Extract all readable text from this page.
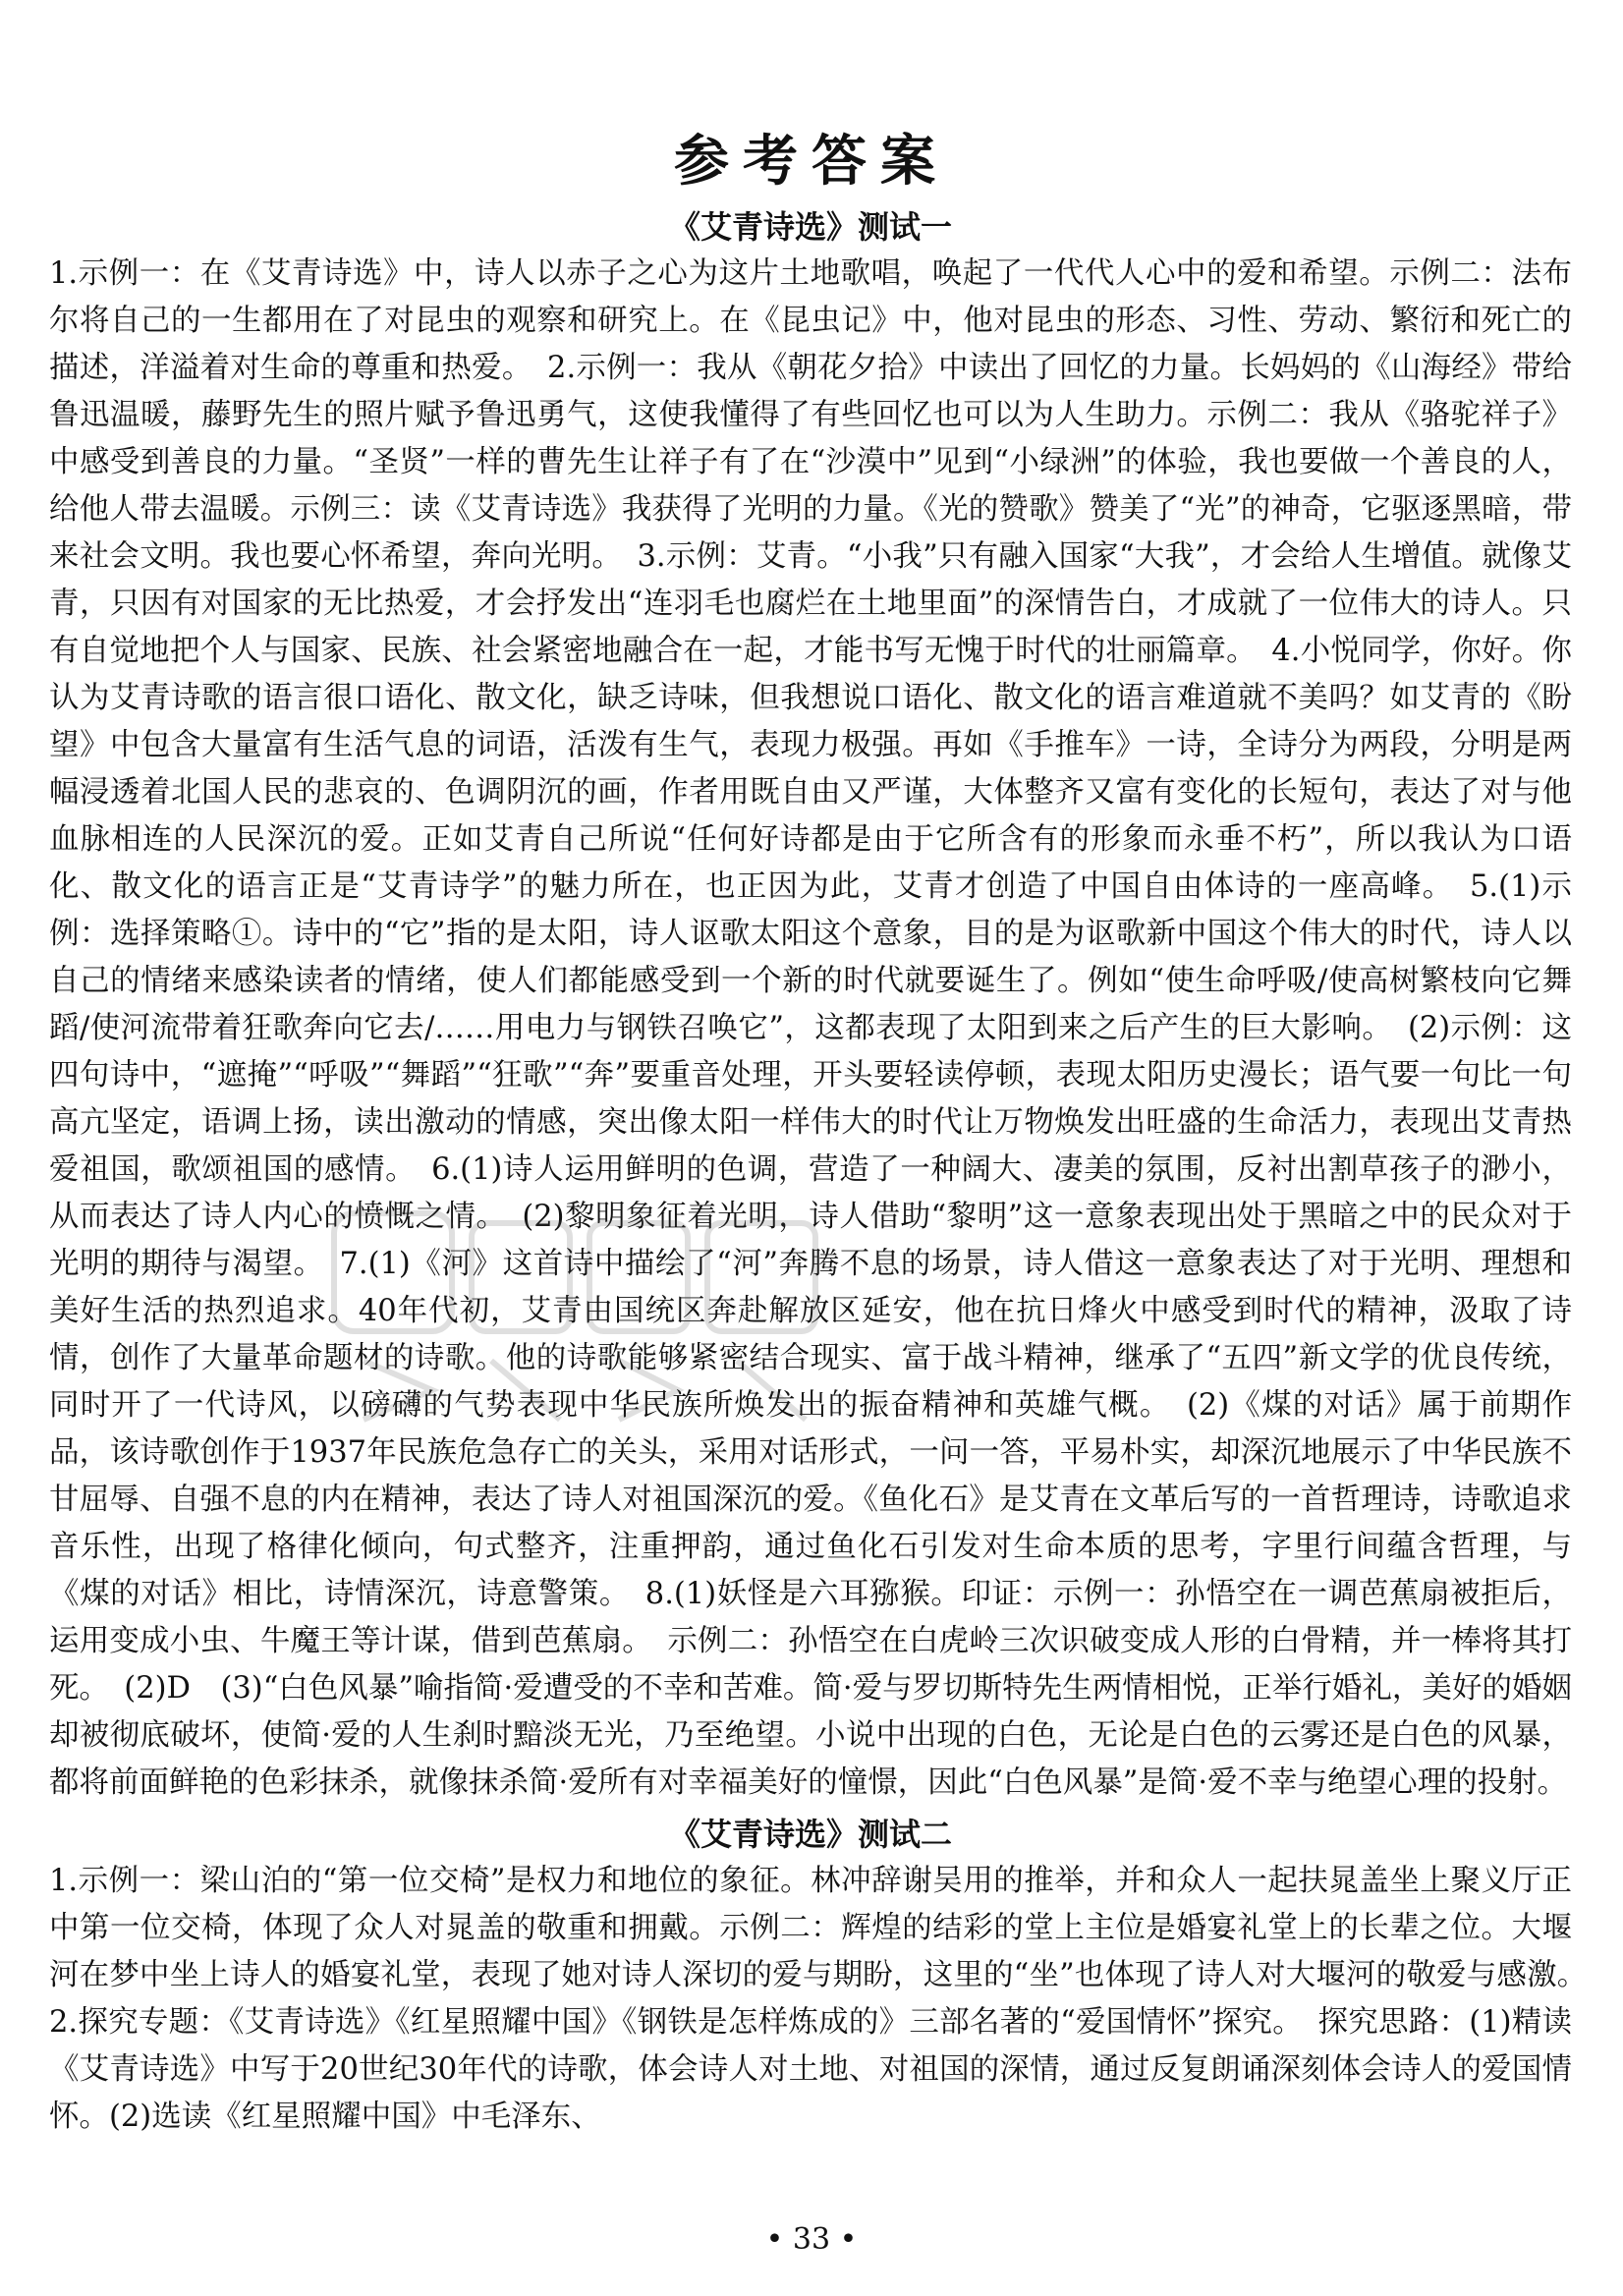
参考答案
《艾青诗选》测试一

1.示例一：在《艾青诗选》中，诗人以赤子之心为这片土地歌唱，唤起了一代代人心中的爱和希望。示例二：法布尔将自己的一生都用在了对昆虫的观察和研究上。在《昆虫记》中，他对昆虫的形态、习性、劳动、繁衍和死亡的描述，洋溢着对生命的尊重和热爱。　2.示例一：我从《朝花夕拾》中读出了回忆的力量。长妈妈的《山海经》带给鲁迅温暖，藤野先生的照片赋予鲁迅勇气，这使我懂得了有些回忆也可以为人生助力。示例二：我从《骆驼祥子》中感受到善良的力量。“圣贤”一样的曹先生让祥子有了在“沙漠中”见到“小绿洲”的体验，我也要做一个善良的人，给他人带去温暖。示例三：读《艾青诗选》我获得了光明的力量。《光的赞歌》赞美了“光”的神奇，它驱逐黑暗，带来社会文明。我也要心怀希望，奔向光明。　3.示例：艾青。“小我”只有融入国家“大我”，才会给人生增值。就像艾青，只因有对国家的无比热爱，才会抒发出“连羽毛也腐烂在土地里面”的深情告白，才成就了一位伟大的诗人。只有自觉地把个人与国家、民族、社会紧密地融合在一起，才能书写无愧于时代的壮丽篇章。　4.小悦同学，你好。你认为艾青诗歌的语言很口语化、散文化，缺乏诗味，但我想说口语化、散文化的语言难道就不美吗？如艾青的《盼望》中包含大量富有生活气息的词语，活泼有生气，表现力极强。再如《手推车》一诗，全诗分为两段，分明是两幅浸透着北国人民的悲哀的、色调阴沉的画，作者用既自由又严谨，大体整齐又富有变化的长短句，表达了对与他血脉相连的人民深沉的爱。正如艾青自己所说“任何好诗都是由于它所含有的形象而永垂不朽”，所以我认为口语化、散文化的语言正是“艾青诗学”的魅力所在，也正因为此，艾青才创造了中国自由体诗的一座高峰。　5.(1)示例：选择策略①。诗中的“它”指的是太阳，诗人讴歌太阳这个意象，目的是为讴歌新中国这个伟大的时代，诗人以自己的情绪来感染读者的情绪，使人们都能感受到一个新的时代就要诞生了。例如“使生命呼吸/使高树繁枝向它舞蹈/使河流带着狂歌奔向它去/……用电力与钢铁召唤它”，这都表现了太阳到来之后产生的巨大影响。　(2)示例：这四句诗中，“遮掩”“呼吸”“舞蹈”“狂歌”“奔”要重音处理，开头要轻读停顿，表现太阳历史漫长；语气要一句比一句高亢坚定，语调上扬，读出激动的情感，突出像太阳一样伟大的时代让万物焕发出旺盛的生命活力，表现出艾青热爱祖国，歌颂祖国的感情。　6.(1)诗人运用鲜明的色调，营造了一种阔大、凄美的氛围，反衬出割草孩子的渺小，从而表达了诗人内心的愤慨之情。　(2)黎明象征着光明，诗人借助“黎明”这一意象表现出处于黑暗之中的民众对于光明的期待与渴望。　7.(1)《河》这首诗中描绘了“河”奔腾不息的场景，诗人借这一意象表达了对于光明、理想和美好生活的热烈追求。40年代初，艾青由国统区奔赴解放区延安，他在抗日烽火中感受到时代的精神，汲取了诗情，创作了大量革命题材的诗歌。他的诗歌能够紧密结合现实、富于战斗精神，继承了“五四”新文学的优良传统，同时开了一代诗风，以磅礴的气势表现中华民族所焕发出的振奋精神和英雄气概。　(2)《煤的对话》属于前期作品，该诗歌创作于1937年民族危急存亡的关头，采用对话形式，一问一答，平易朴实，却深沉地展示了中华民族不甘屈辱、自强不息的内在精神，表达了诗人对祖国深沉的爱。《鱼化石》是艾青在文革后写的一首哲理诗，诗歌追求音乐性，出现了格律化倾向，句式整齐，注重押韵，通过鱼化石引发对生命本质的思考，字里行间蕴含哲理，与《煤的对话》相比，诗情深沉，诗意警策。　8.(1)妖怪是六耳猕猴。印证：示例一：孙悟空在一调芭蕉扇被拒后，运用变成小虫、牛魔王等计谋，借到芭蕉扇。　示例二：孙悟空在白虎岭三次识破变成人形的白骨精，并一棒将其打死。　(2)D　(3)“白色风暴”喻指简·爱遭受的不幸和苦难。简·爱与罗切斯特先生两情相悦，正举行婚礼，美好的婚姻却被彻底破坏，使简·爱的人生刹时黯淡无光，乃至绝望。小说中出现的白色，无论是白色的云雾还是白色的风暴，都将前面鲜艳的色彩抹杀，就像抹杀简·爱所有对幸福美好的憧憬，因此“白色风暴”是简·爱不幸与绝望心理的投射。

《艾青诗选》测试二

1.示例一：梁山泊的“第一位交椅”是权力和地位的象征。林冲辞谢吴用的推举，并和众人一起扶晁盖坐上聚义厅正中第一位交椅，体现了众人对晁盖的敬重和拥戴。示例二：辉煌的结彩的堂上主位是婚宴礼堂上的长辈之位。大堰河在梦中坐上诗人的婚宴礼堂，表现了她对诗人深切的爱与期盼，这里的“坐”也体现了诗人对大堰河的敬爱与感激。　2.探究专题：《艾青诗选》《红星照耀中国》《钢铁是怎样炼成的》三部名著的“爱国情怀”探究。　探究思路：(1)精读《艾青诗选》中写于20世纪30年代的诗歌，体会诗人对土地、对祖国的深情，通过反复朗诵深刻体会诗人的爱国情怀。(2)选读《红星照耀中国》中毛泽东、

• 33 •
